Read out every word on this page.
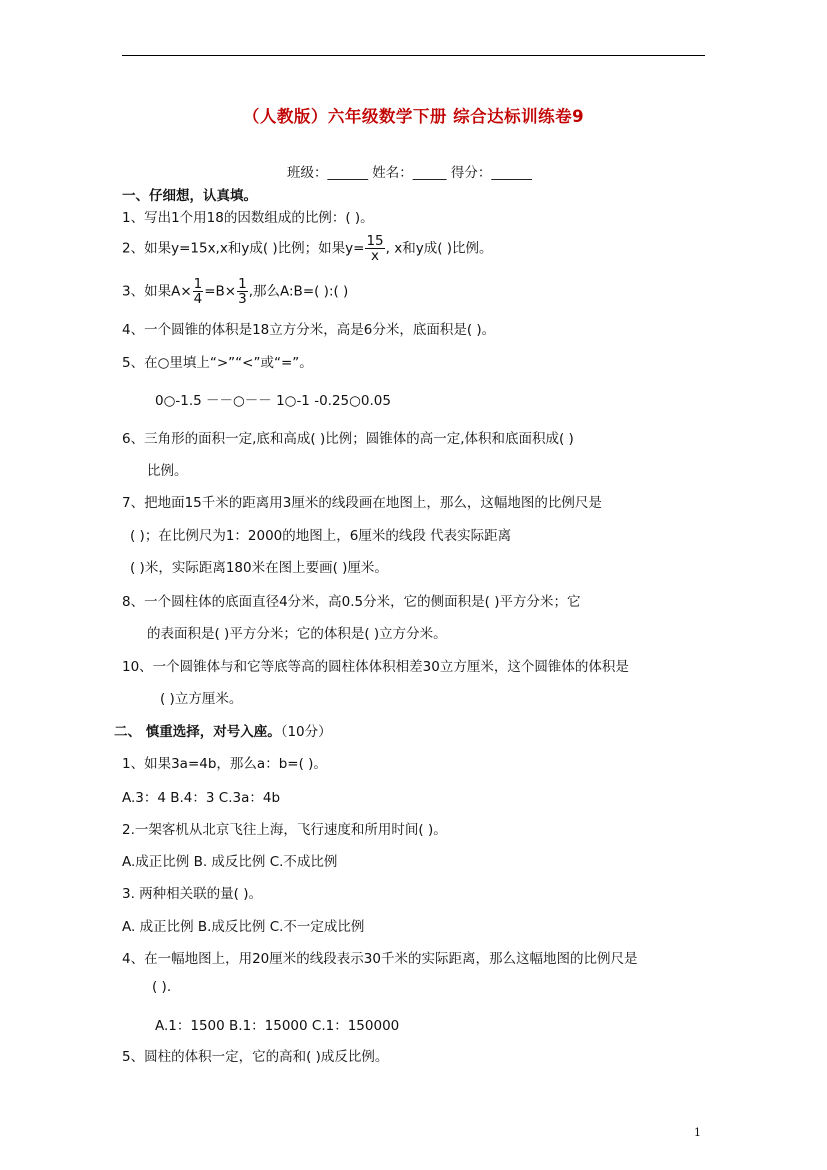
（人教版）六年级数学下册 综合达标训练卷9
班级：______ 姓名：_____ 得分：______
一、仔细想，认真填。
1、写出1个用18的因数组成的比例：( )。
2、如果y=15x,x和y成( )比例；如果$y= \frac{15}{x}$ , x和y成( )比例。
3、如果$A\times \frac{1}{4} =B\times \frac{1}{3}$ ,那么A:B=( ):( )
4、一个圆锥的体积是18立方分米，高是6分米，底面积是( )。
5、在○里填上“>”“<”或“=”。
0○-1.5 －－○－－ 1○-1 -0.25○0.05
6、三角形的面积一定,底和高成( )比例；圆锥体的高一定,体积和底面积成( )
比例。
7、把地面15千米的距离用3厘米的线段画在地图上，那么，这幅地图的比例尺是
( )；在比例尺为1：2000的地图上，6厘米的线段 代表实际距离
( )米，实际距离180米在图上要画( )厘米。
8、一个圆柱体的底面直径4分米，高0.5分米，它的侧面积是( )平方分米；它
的表面积是( )平方分米；它的体积是( )立方分米。
10、一个圆锥体与和它等底等高的圆柱体体积相差30立方厘米，这个圆锥体的体积是
( )立方厘米。
二、 慎重选择，对号入座。（10分）
1、如果3a=4b，那么a：b=( )。
A.3：4 B.4：3 C.3a：4b
2.一架客机从北京飞往上海，飞行速度和所用时间( )。
A.成正比例 B. 成反比例 C.不成比例
3. 两种相关联的量( )。
A. 成正比例 B.成反比例 C.不一定成比例
4、在一幅地图上，用20厘米的线段表示30千米的实际距离，那么这幅地图的比例尺是
( ).
A.1：1500 B.1：15000 C.1：150000
5、圆柱的体积一定，它的高和( )成反比例。
1
